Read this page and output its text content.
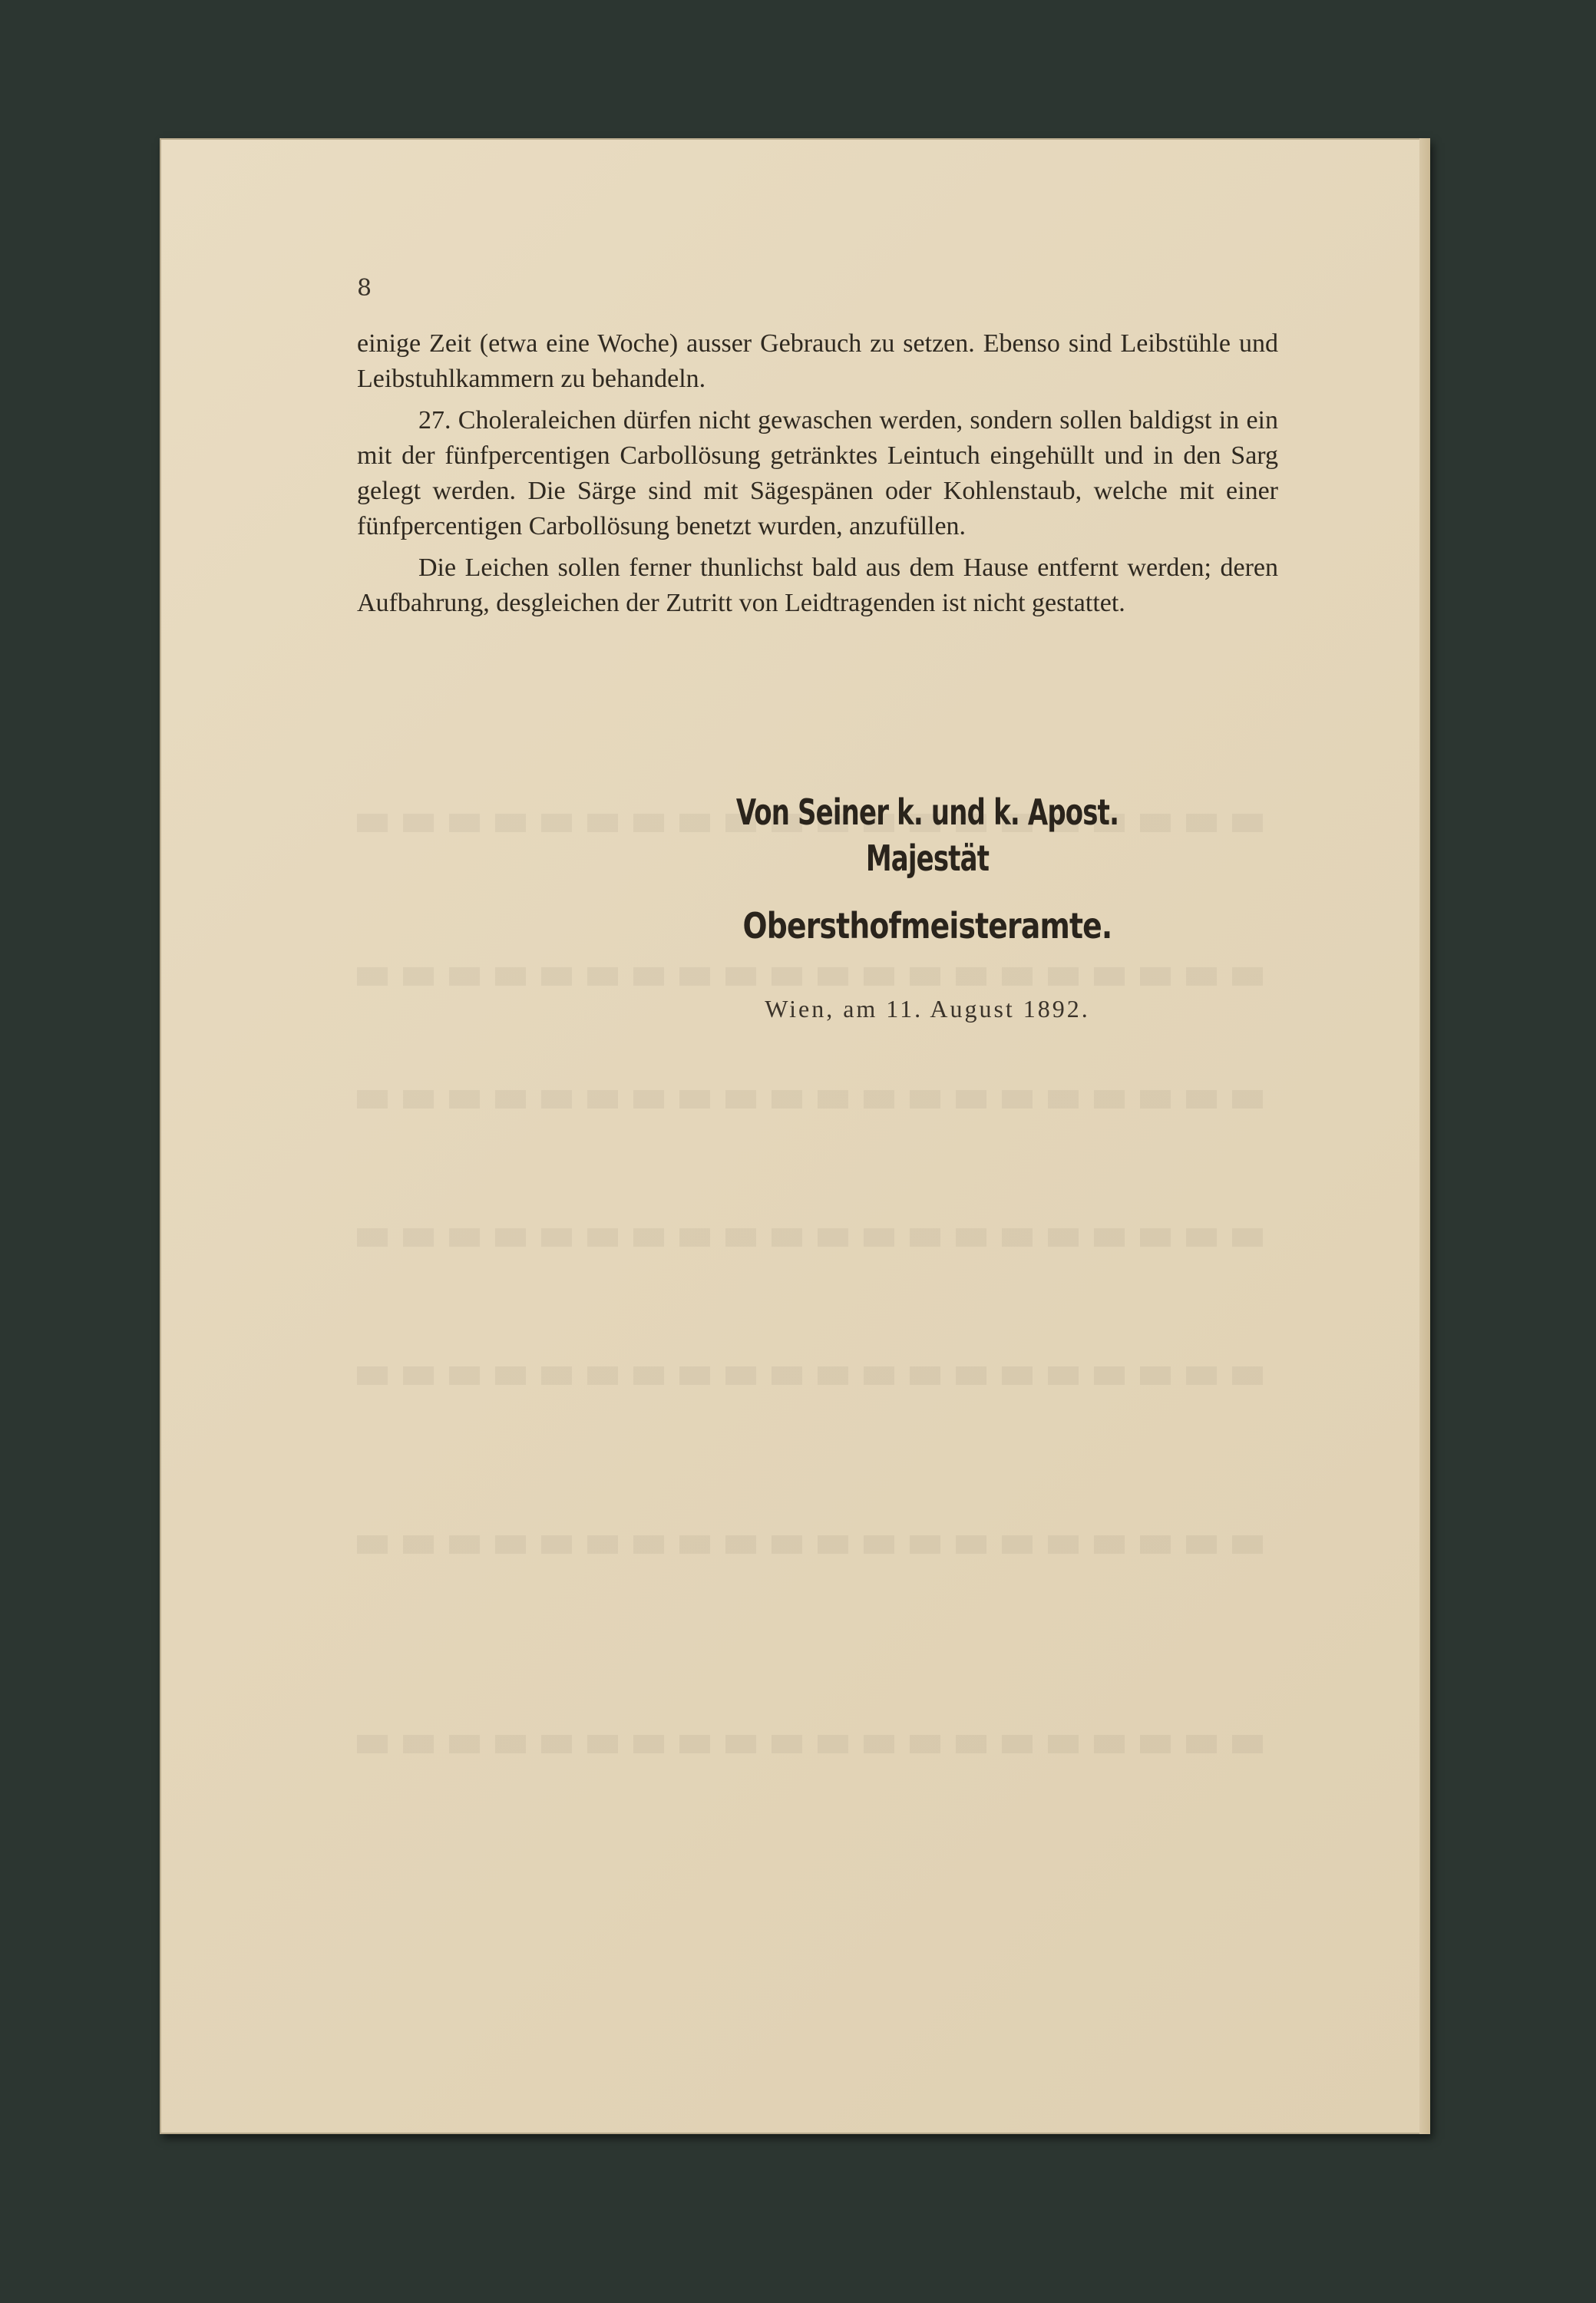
8

einige Zeit (etwa eine Woche) ausser Gebrauch zu setzen. Ebenso sind Leibstühle und Leibstuhlkammern zu behandeln.

27. Choleraleichen dürfen nicht gewaschen werden, sondern sollen baldigst in ein mit der fünfpercentigen Carbollösung getränktes Leintuch eingehüllt und in den Sarg gelegt werden. Die Särge sind mit Sägespänen oder Kohlenstaub, welche mit einer fünfpercentigen Carbollösung benetzt wurden, anzufüllen.

Die Leichen sollen ferner thunlichst bald aus dem Hause entfernt werden; deren Aufbahrung, desgleichen der Zutritt von Leidtragenden ist nicht gestattet.

Von Seiner k. und k. Apost. Majestät

Obersthofmeisteramte.

Wien, am 11. August 1892.
